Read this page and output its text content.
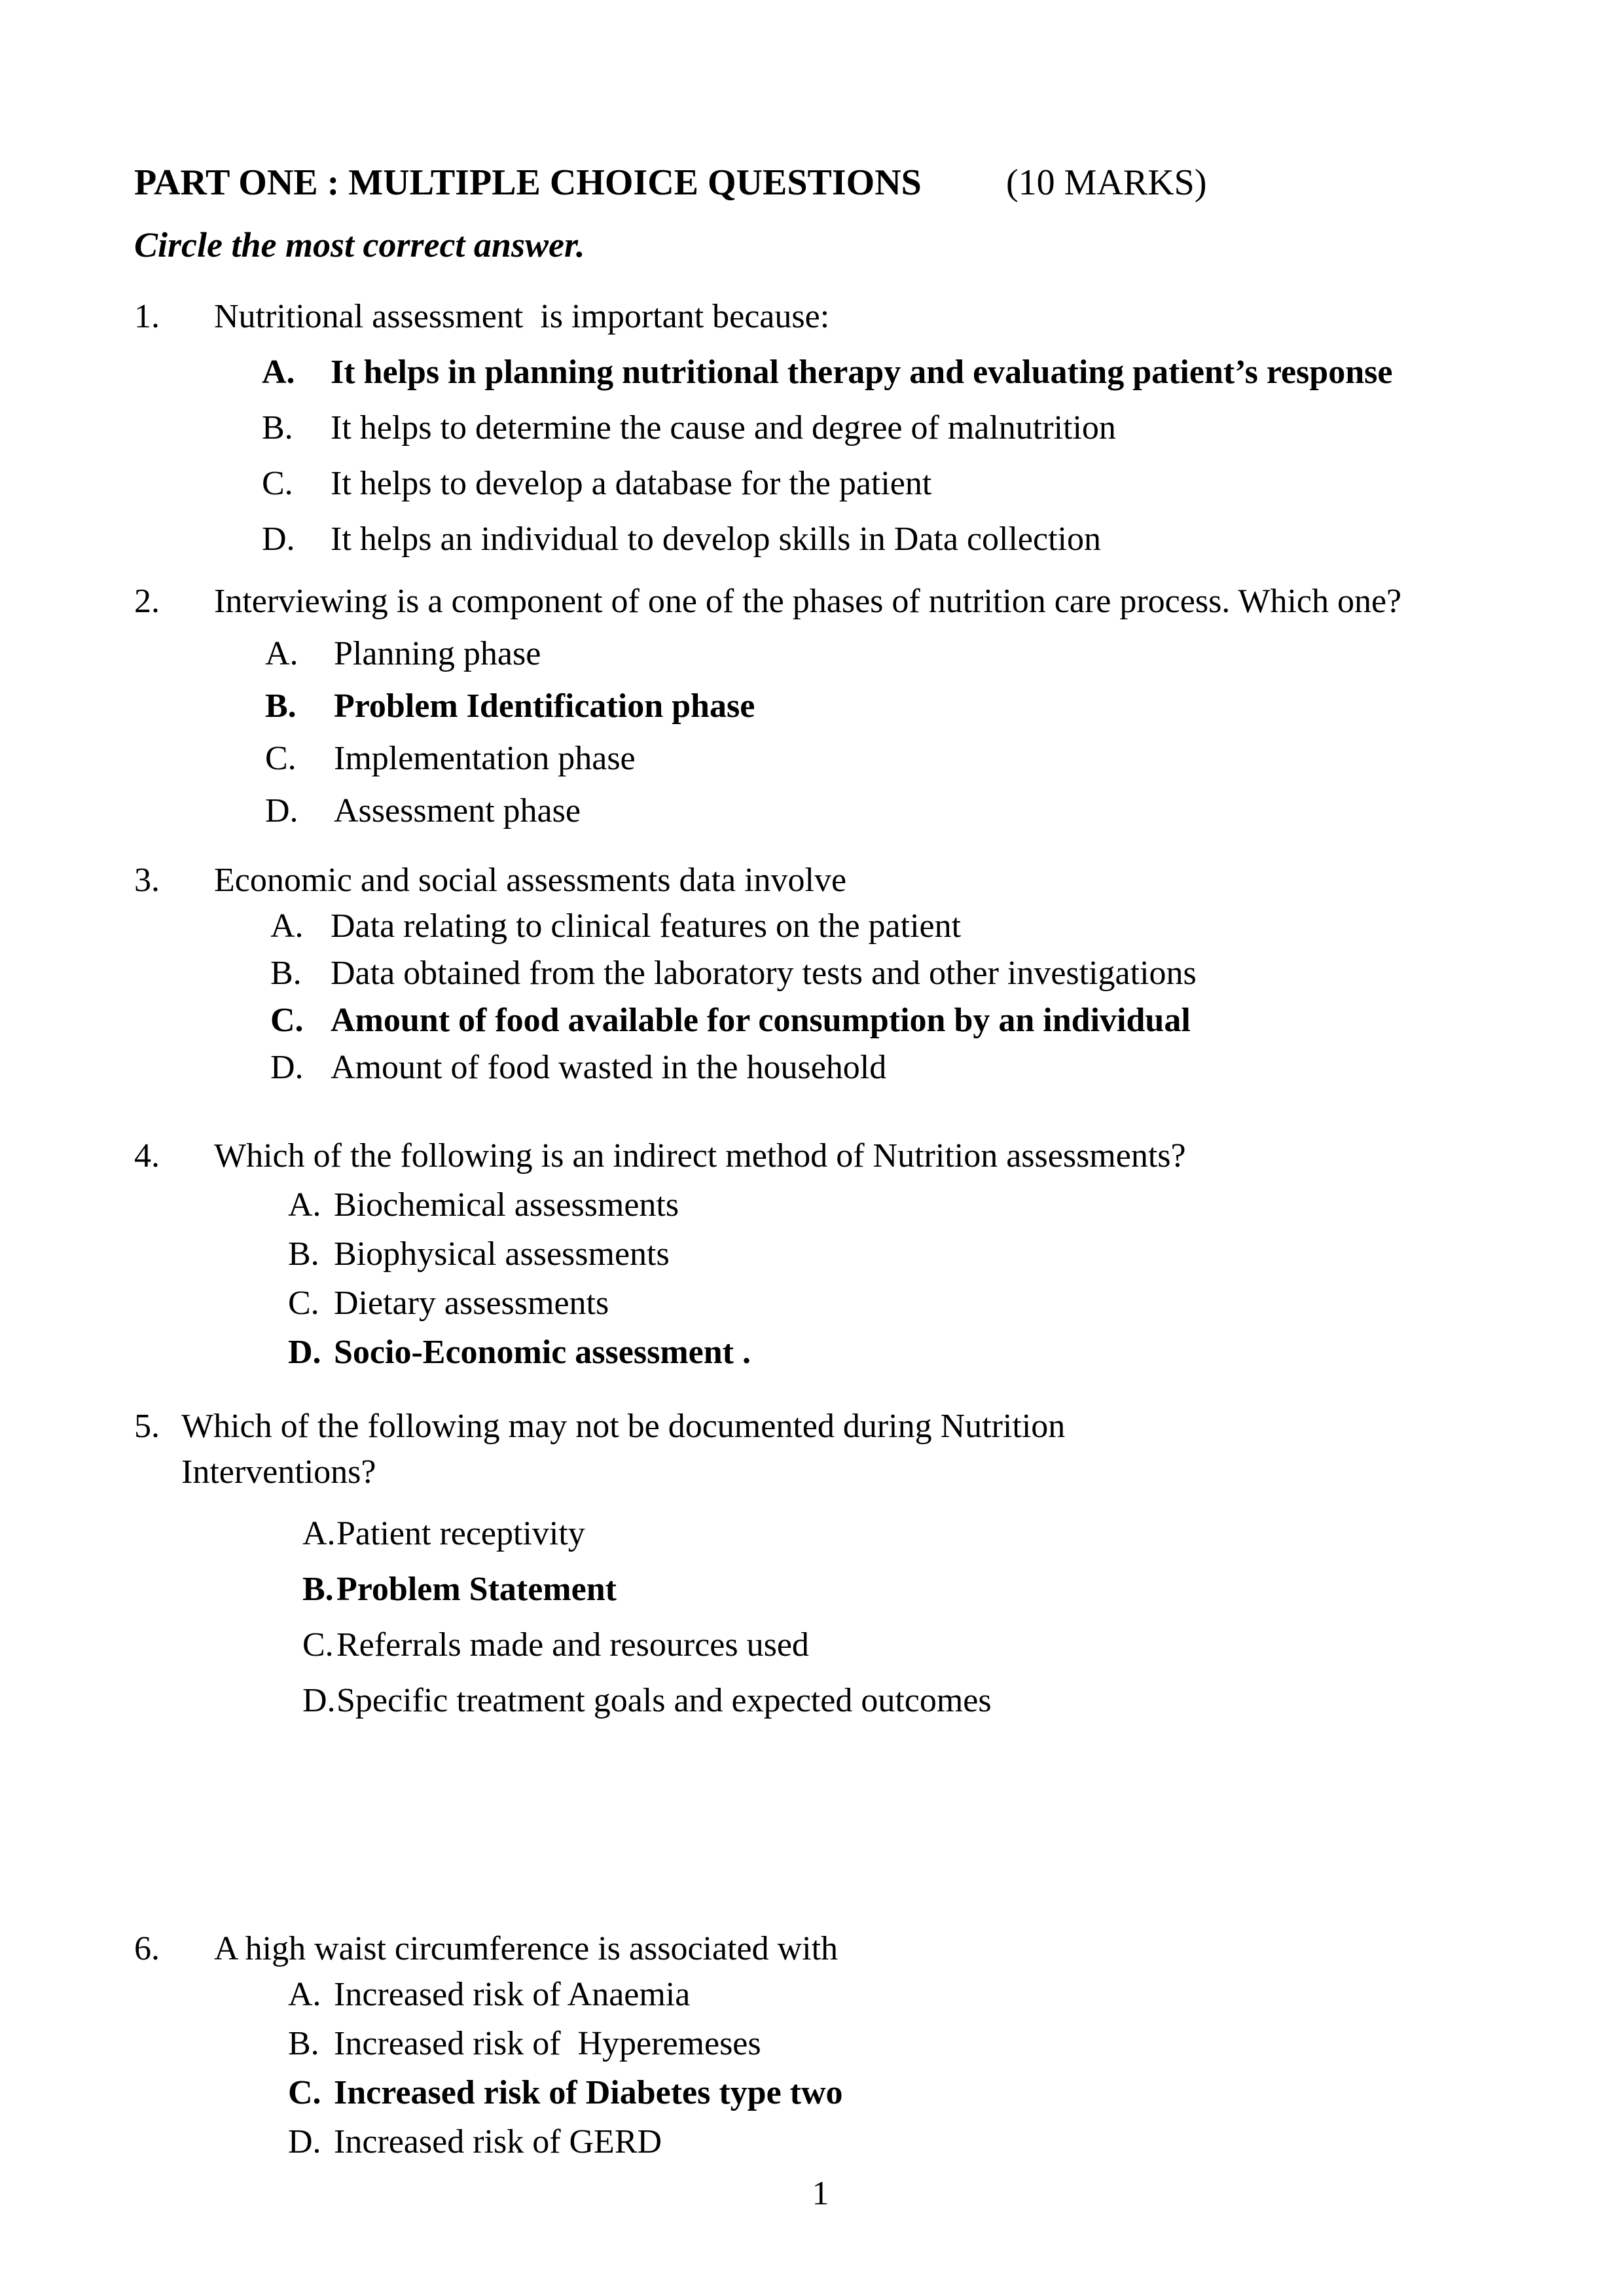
PART ONE : MULTIPLE CHOICE QUESTIONS (10 MARKS)

Circle the most correct answer.

1.	Nutritional assessment  is important because:
A.	It helps in planning nutritional therapy and evaluating patient’s response
B.	It helps to determine the cause and degree of malnutrition
C.	It helps to develop a database for the patient
D.	It helps an individual to develop skills in Data collection
2.	Interviewing is a component of one of the phases of nutrition care process. Which one?
A.	Planning phase
B.	Problem Identification phase
C.	Implementation phase
D.	Assessment phase
3.	Economic and social assessments data involve
A. Data relating to clinical features on the patient
B. Data obtained from the laboratory tests and other investigations
C. Amount of food available for consumption by an individual
D. Amount of food wasted in the household
4.	Which of the following is an indirect method of Nutrition assessments?
A. Biochemical assessments
B. Biophysical assessments
C. Dietary assessments
D. Socio-Economic assessment .
5. Which of the following may not be documented during Nutrition Interventions?
A. Patient receptivity
B. Problem Statement
C. Referrals made and resources used
D. Specific treatment goals and expected outcomes
6.	A high waist circumference is associated with
A. Increased risk of Anaemia
B. Increased risk of  Hyperemeses
C. Increased risk of Diabetes type two
D. Increased risk of GERD
1
